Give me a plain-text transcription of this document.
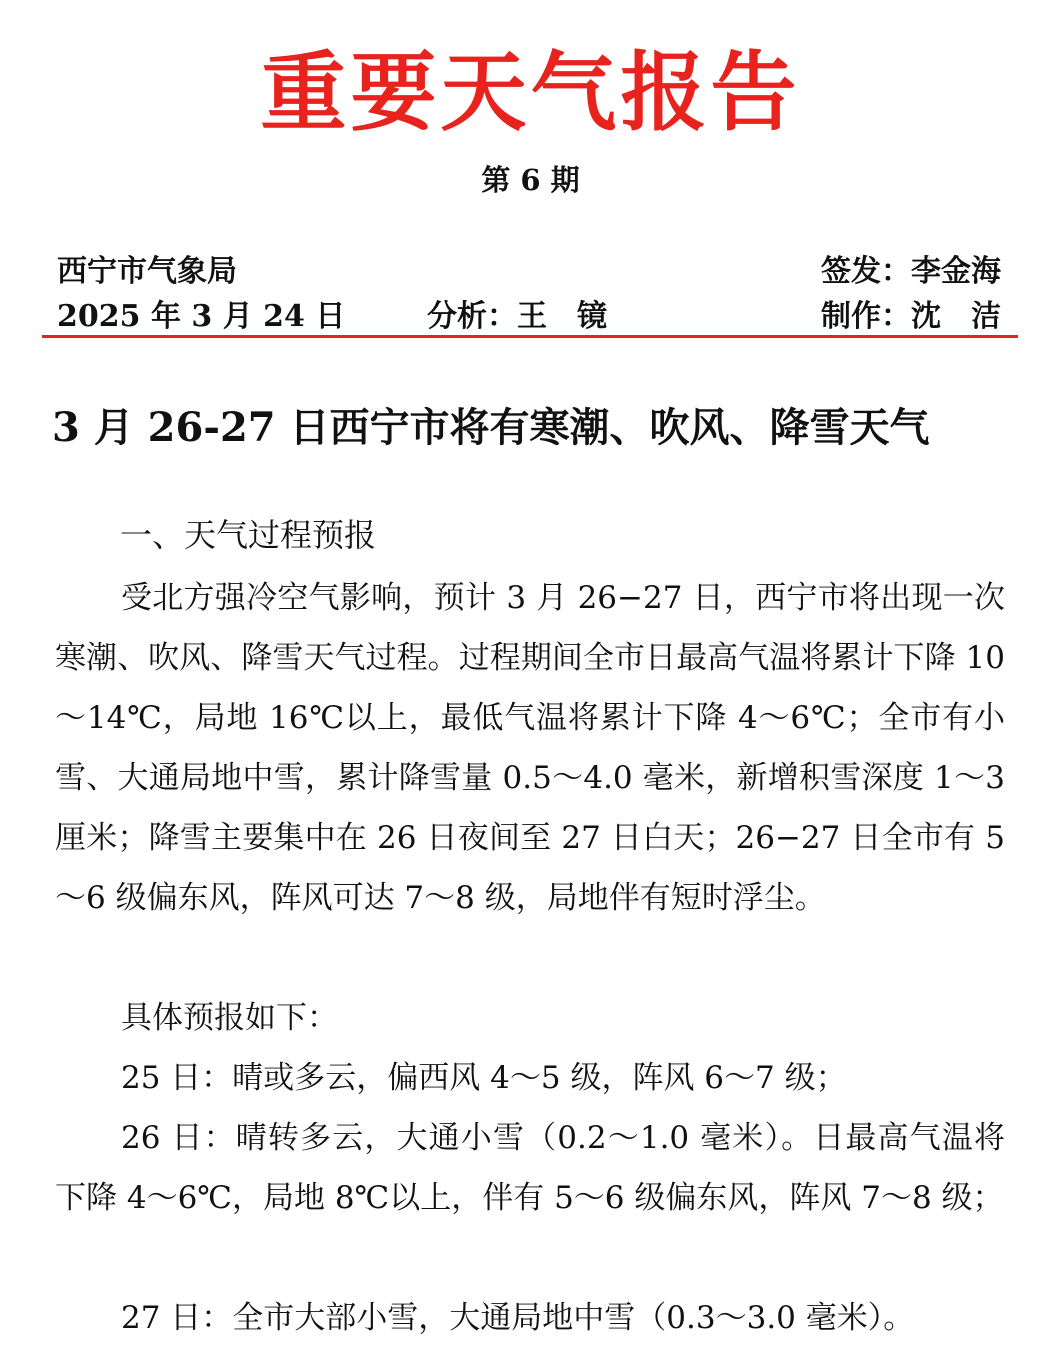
重要天气报告
第 6 期
西宁市气象局	签发：李金海
2025 年 3 月 24 日	分析：王　镜	制作：沈　洁
3 月 26-27 日西宁市将有寒潮、吹风、降雪天气
一、天气过程预报

受北方强冷空气影响，预计 3 月 26−27 日，西宁市将出现一次寒潮、吹风、降雪天气过程。过程期间全市日最高气温将累计下降 10～14℃，局地 16℃以上，最低气温将累计下降 4～6℃；全市有小雪、大通局地中雪，累计降雪量 0.5～4.0 毫米，新增积雪深度 1～3 厘米；降雪主要集中在 26 日夜间至 27 日白天；26−27 日全市有 5～6 级偏东风，阵风可达 7～8 级，局地伴有短时浮尘。

具体预报如下：

25 日：晴或多云，偏西风 4～5 级，阵风 6～7 级；

26 日：晴转多云，大通小雪（0.2～1.0 毫米）。日最高气温将下降 4～6℃，局地 8℃以上，伴有 5～6 级偏东风，阵风 7～8 级；

27 日：全市大部小雪，大通局地中雪（0.3～3.0 毫米）。
